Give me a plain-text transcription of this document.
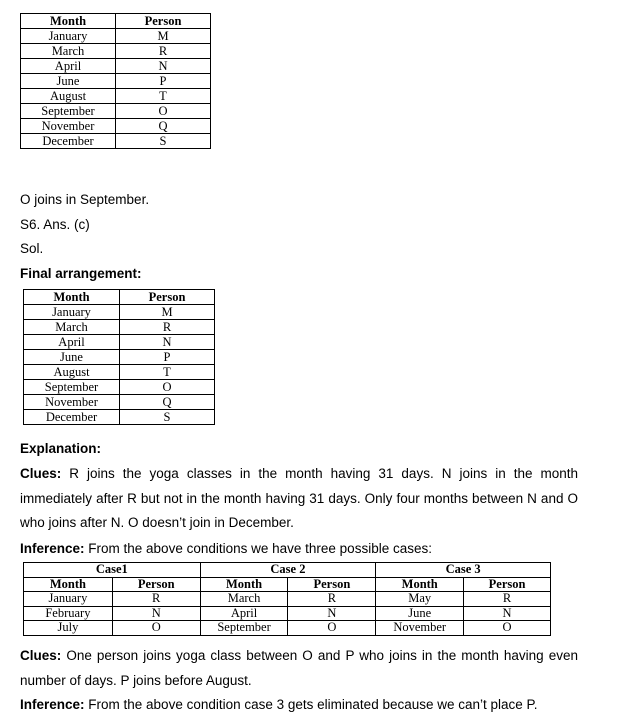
Month	Person
January	M
March	R
April	N
June	P
August	T
September	O
November	Q
December	S
O joins in September.
S6. Ans. (c)
Sol.
Final arrangement:
Month	Person
January	M
March	R
April	N
June	P
August	T
September	O
November	Q
December	S
Explanation:
Clues: R joins the yoga classes in the month having 31 days. N joins in the month immediately after R but not in the month having 31 days. Only four months between N and O who joins after N. O doesn’t join in December.
Inference: From the above conditions we have three possible cases:
Case1		Case 2		Case 3	
Month	Person	Month	Person	Month	Person
January	R	March	R	May	R
February	N	April	N	June	N
July	O	September	O	November	O
Clues: One person joins yoga class between O and P who joins in the month having even number of days. P joins before August.
Inference: From the above condition case 3 gets eliminated because we can’t place P.
